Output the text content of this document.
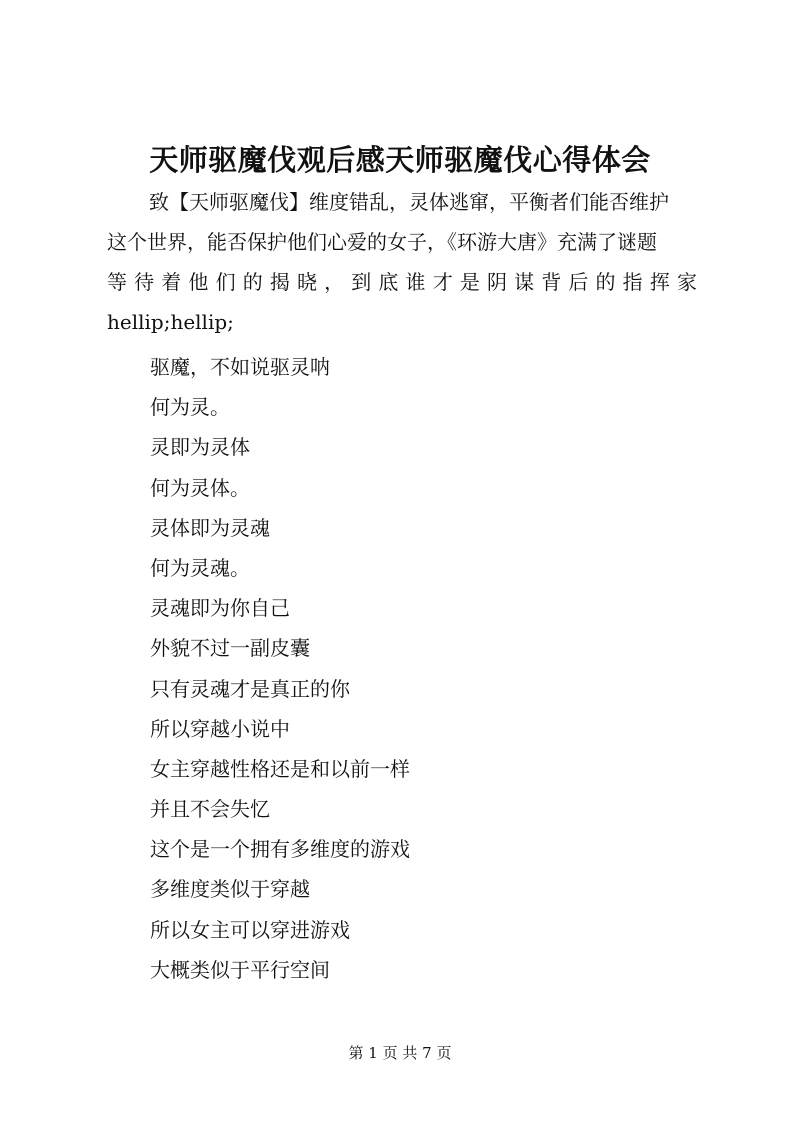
天师驱魔伐观后感天师驱魔伐心得体会
致【天师驱魔伐】维度错乱，灵体逃窜，平衡者们能否维护
这个世界，能否保护他们心爱的女子，《环游大唐》充满了谜题
等 待 着 他 们 的 揭 晓 ， 到 底 谁 才 是 阴 谋 背 后 的 指 挥 家
hellip;hellip;
驱魔，不如说驱灵呐
何为灵。
灵即为灵体
何为灵体。
灵体即为灵魂
何为灵魂。
灵魂即为你自己
外貌不过一副皮囊
只有灵魂才是真正的你
所以穿越小说中
女主穿越性格还是和以前一样
并且不会失忆
这个是一个拥有多维度的游戏
多维度类似于穿越
所以女主可以穿进游戏
大概类似于平行空间
第 1 页 共 7 页
